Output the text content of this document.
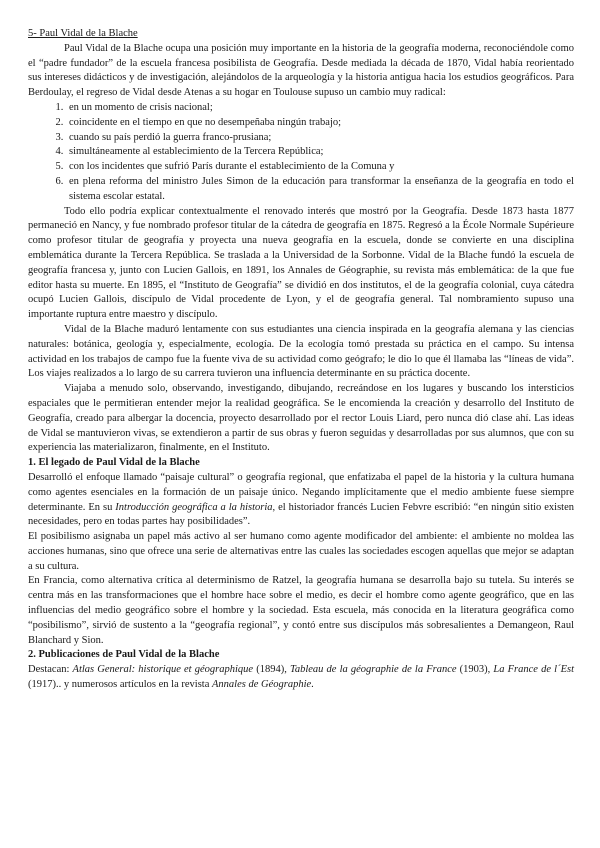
5- Paul Vidal de la Blache

Paul Vidal de la Blache ocupa una posición muy importante en la historia de la geografía moderna, reconociéndole como el “padre fundador” de la escuela francesa posibilista de Geografía. Desde mediada la década de 1870, Vidal había reorientado sus intereses didácticos y de investigación, alejándolos de la arqueología y la historia antigua hacia los estudios geográficos. Para Berdoulay, el regreso de Vidal desde Atenas a su hogar en Toulouse supuso un cambio muy radical:

1. en un momento de crisis nacional;
2. coincidente en el tiempo en que no desempeñaba ningún trabajo;
3. cuando su país perdió la guerra franco-prusiana;
4. simultáneamente al establecimiento de la Tercera República;
5. con los incidentes que sufrió París durante el establecimiento de la Comuna y
6. en plena reforma del ministro Jules Simon de la educación para transformar la enseñanza de la geografía en todo el sistema escolar estatal.

Todo ello podría explicar contextualmente el renovado interés que mostró por la Geografía. Desde 1873 hasta 1877 permaneció en Nancy, y fue nombrado profesor titular de la cátedra de geografía en 1875. Regresó a la École Normale Supérieure como profesor titular de geografía y proyecta una nueva geografía en la escuela, donde se convierte en una disciplina emblemática durante la Tercera República. Se traslada a la Universidad de la Sorbonne. Vidal de la Blache fundó la escuela de geografía francesa y, junto con Lucien Gallois, en 1891, los Annales de Géographie, su revista más emblemática: de la que fue editor hasta su muerte. En 1895, el “Instituto de Geografía” se dividió en dos institutos, el de la geografía colonial, cuya cátedra ocupó Lucien Gallois, discípulo de Vidal procedente de Lyon, y el de geografía general. Tal nombramiento supuso una importante ruptura entre maestro y discípulo.

Vidal de la Blache maduró lentamente con sus estudiantes una ciencia inspirada en la geografía alemana y las ciencias naturales: botánica, geología y, especialmente, ecología. De la ecología tomó prestada su práctica en el campo. Su intensa actividad en los trabajos de campo fue la fuente viva de su actividad como geógrafo; le dio lo que él llamaba las “líneas de vida”. Los viajes realizados a lo largo de su carrera tuvieron una influencia determinante en su práctica docente.

Viajaba a menudo solo, observando, investigando, dibujando, recreándose en los lugares y buscando los intersticios espaciales que le permitieran entender mejor la realidad geográfica. Se le encomienda la creación y desarrollo del Instituto de Geografía, creado para albergar la docencia, proyecto desarrollado por el rector Louis Liard, pero nunca dió clase ahí. Las ideas de Vidal se mantuvieron vivas, se extendieron a partir de sus obras y fueron seguidas y desarrolladas por sus alumnos, que con su experiencia las materializaron, finalmente, en el Instituto.

1. El legado de Paul Vidal de la Blache

Desarrolló el enfoque llamado “paisaje cultural” o geografía regional, que enfatizaba el papel de la historia y la cultura humana como agentes esenciales en la formación de un paisaje único. Negando implícitamente que el medio ambiente fuese siempre determinante. En su Introducción geográfica a la historia, el historiador francés Lucien Febvre escribió: “en ningún sitio existen necesidades, pero en todas partes hay posibilidades”.

El posibilismo asignaba un papel más activo al ser humano como agente modificador del ambiente: el ambiente no moldea las acciones humanas, sino que ofrece una serie de alternativas entre las cuales las sociedades escogen aquellas que mejor se adaptan a su cultura.

En Francia, como alternativa crítica al determinismo de Ratzel, la geografía humana se desarrolla bajo su tutela. Su interés se centra más en las transformaciones que el hombre hace sobre el medio, es decir el hombre como agente geográfico, que en las influencias del medio geográfico sobre el hombre y la sociedad. Esta escuela, más conocida en la literatura geográfica como “posibilismo”, sirvió de sustento a la “geografía regional”, y contó entre sus discípulos más sobresalientes a Demangeon, Raul Blanchard y Sion.

2. Publicaciones de Paul Vidal de la Blache

Destacan: Atlas General: historique et géographique (1894), Tableau de la géographie de la France (1903), La France de l´Est (1917).. y numerosos artículos en la revista Annales de Géographie.
